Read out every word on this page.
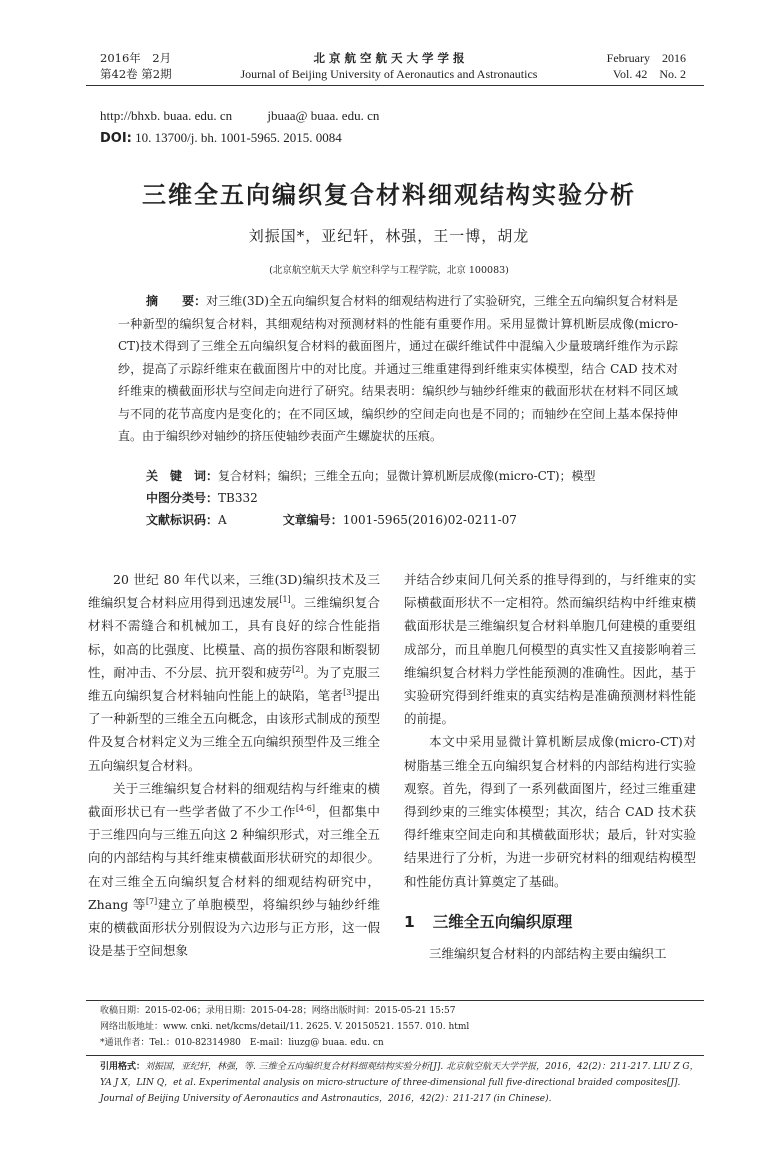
2016年　2月
第42卷 第2期
北 京 航 空 航 天 大 学 学 报
Journal of Beijing University of Aeronautics and Astronautics
February　2016
Vol. 42　No. 2
http://bhxb. buaa. edu. cn	jbuaa@ buaa. edu. cn
DOI: 10. 13700/j. bh. 1001-5965. 2015. 0084
三维全五向编织复合材料细观结构实验分析
刘振国*，亚纪轩，林强，王一博，胡龙
(北京航空航天大学 航空科学与工程学院，北京 100083)

摘　　要：对三维(3D)全五向编织复合材料的细观结构进行了实验研究，三维全五向编织复合材料是一种新型的编织复合材料，其细观结构对预测材料的性能有重要作用。采用显微计算机断层成像(micro-CT)技术得到了三维全五向编织复合材料的截面图片，通过在碳纤维试件中混编入少量玻璃纤维作为示踪纱，提高了示踪纤维束在截面图片中的对比度。并通过三维重建得到纤维束实体模型，结合 CAD 技术对纤维束的横截面形状与空间走向进行了研究。结果表明：编织纱与轴纱纤维束的截面形状在材料不同区域与不同的花节高度内是变化的；在不同区域，编织纱的空间走向也是不同的；而轴纱在空间上基本保持伸直。由于编织纱对轴纱的挤压使轴纱表面产生螺旋状的压痕。

关　键　词：复合材料；编织；三维全五向；显微计算机断层成像(micro-CT)；模型
中图分类号：TB332
文献标识码：A	文章编号：1001-5965(2016)02-0211-07

20 世纪 80 年代以来，三维(3D)编织技术及三维编织复合材料应用得到迅速发展[1]。三维编织复合材料不需缝合和机械加工，具有良好的综合性能指标，如高的比强度、比模量、高的损伤容限和断裂韧性，耐冲击、不分层、抗开裂和疲劳[2]。为了克服三维五向编织复合材料轴向性能上的缺陷，笔者[3]提出了一种新型的三维全五向概念，由该形式制成的预型件及复合材料定义为三维全五向编织预型件及三维全五向编织复合材料。

关于三维编织复合材料的细观结构与纤维束的横截面形状已有一些学者做了不少工作[4-6]，但都集中于三维四向与三维五向这 2 种编织形式，对三维全五向的内部结构与其纤维束横截面形状研究的却很少。在对三维全五向编织复合材料的细观结构研究中，Zhang 等[7]建立了单胞模型，将编织纱与轴纱纤维束的横截面形状分别假设为六边形与正方形，这一假设是基于空间想象

并结合纱束间几何关系的推导得到的，与纤维束的实际横截面形状不一定相符。然而编织结构中纤维束横截面形状是三维编织复合材料单胞几何建模的重要组成部分，而且单胞几何模型的真实性又直接影响着三维编织复合材料力学性能预测的准确性。因此，基于实验研究得到纤维束的真实结构是准确预测材料性能的前提。

本文中采用显微计算机断层成像(micro-CT)对树脂基三维全五向编织复合材料的内部结构进行实验观察。首先，得到了一系列截面图片，经过三维重建得到纱束的三维实体模型；其次，结合 CAD 技术获得纤维束空间走向和其横截面形状；最后，针对实验结果进行了分析，为进一步研究材料的细观结构模型和性能仿真计算奠定了基础。

1 三维全五向编织原理

三维编织复合材料的内部结构主要由编织工

收稿日期：2015-02-06；录用日期：2015-04-28；网络出版时间：2015-05-21 15:57
网络出版地址：www. cnki. net/kcms/detail/11. 2625. V. 20150521. 1557. 010. html
*通讯作者：Tel.：010-82314980　E-mail：liuzg@ buaa. edu. cn
引用格式：刘振国，亚纪轩，林强，等. 三维全五向编织复合材料细观结构实验分析[J]. 北京航空航天大学学报，2016，42(2)：211-217. LIU Z G，YA J X，LIN Q，et al. Experimental analysis on micro-structure of three-dimensional full five-directional braided composites[J]. Journal of Beijing University of Aeronautics and Astronautics，2016，42(2)：211-217 (in Chinese).
